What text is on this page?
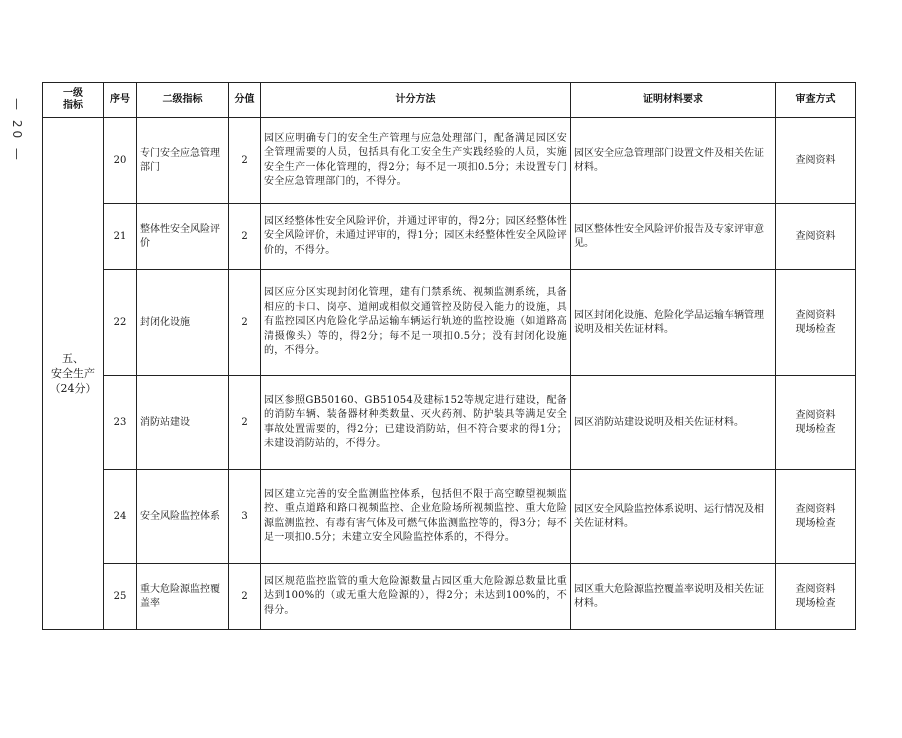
— 20 —
一级
指标	序号	二级指标	分值	计分方法	证明材料要求	审查方式
五、
安全生产
（24分）	20	专门安全应急管理部门	2	园区应明确专门的安全生产管理与应急处理部门，配备满足园区安全管理需要的人员，包括具有化工安全生产实践经验的人员，实施安全生产一体化管理的，得2分；每不足一项扣0.5分；未设置专门安全应急管理部门的，不得分。	园区安全应急管理部门设置文件及相关佐证材料。	查阅资料
	21	整体性安全风险评价	2	园区经整体性安全风险评价，并通过评审的，得2分；园区经整体性安全风险评价，未通过评审的，得1分；园区未经整体性安全风险评价的，不得分。	园区整体性安全风险评价报告及专家评审意见。	查阅资料
	22	封闭化设施	2	园区应分区实现封闭化管理，建有门禁系统、视频监测系统，具备相应的卡口、岗亭、道闸或相似交通管控及防侵入能力的设施，具有监控园区内危险化学品运输车辆运行轨迹的监控设施（如道路高清摄像头）等的，得2分；每不足一项扣0.5分；没有封闭化设施的，不得分。	园区封闭化设施、危险化学品运输车辆管理说明及相关佐证材料。	查阅资料
现场检查
	23	消防站建设	2	园区参照GB50160、GB51054及建标152等规定进行建设，配备的消防车辆、装备器材种类数量、灭火药剂、防护装具等满足安全事故处置需要的，得2分；已建设消防站，但不符合要求的得1分；未建设消防站的，不得分。	园区消防站建设说明及相关佐证材料。	查阅资料
现场检查
	24	安全风险监控体系	3	园区建立完善的安全监测监控体系，包括但不限于高空瞭望视频监控、重点道路和路口视频监控、企业危险场所视频监控、重大危险源监测监控、有毒有害气体及可燃气体监测监控等的，得3分；每不足一项扣0.5分；未建立安全风险监控体系的，不得分。	园区安全风险监控体系说明、运行情况及相关佐证材料。	查阅资料
现场检查
	25	重大危险源监控覆盖率	2	园区规范监控监管的重大危险源数量占园区重大危险源总数量比重达到100%的（或无重大危险源的），得2分；未达到100%的，不得分。	园区重大危险源监控覆盖率说明及相关佐证材料。	查阅资料
现场检查
